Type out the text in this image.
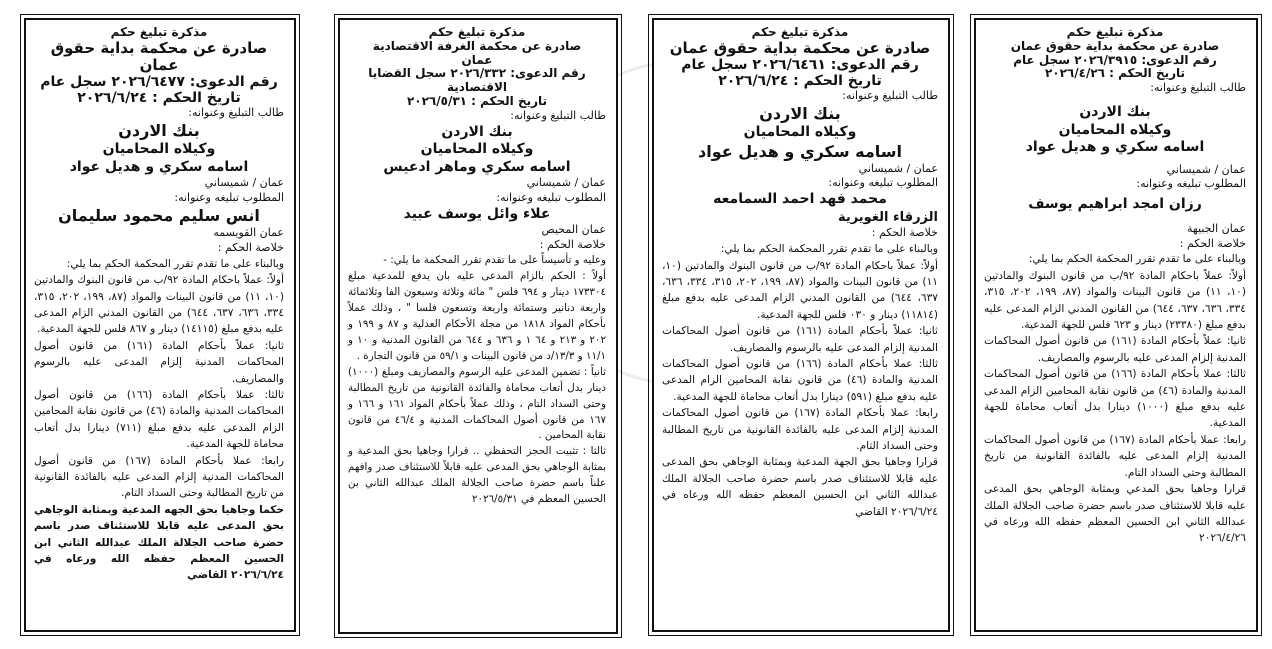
مذكرة تبليغ حكم
صادرة عن محكمة بداية حقوق عمان
رقم الدعوى: ٢٠٢٦/٦٤٧٧ سجل عام
تاريخ الحكم : ٢٠٢٦/٦/٢٤
طالب التبليغ وعنوانه:
بنك الاردن
وكيلاه المحاميان
اسامه سكري و هديل عواد
عمان / شميساني
المطلوب تبليغه وعنوانه:
انس سليم محمود سليمان
عمان القويسمه
خلاصة الحكم :

وبالبناء على ما تقدم تقرر المحكمة الحكم بما يلي:

أولاً: عملاً باحكام المادة ٩٢/ب من قانون البنوك والمادتين (١٠، ١١) من قانون البينات والمواد (٨٧، ١٩٩، ٢٠٢، ٣١٥، ٣٣٤، ٦٣٦، ٦٣٧، ٦٤٤) من القانون المدني الزام المدعى عليه بدفع مبلغ (١٤١١٥) دينار و ٨٦٧ فلس للجهة المدعية.

ثانيا: عملاً بأحكام المادة (١٦١) من قانون أصول المحاكمات المدنية إلزام المدعى عليه بالرسوم والمصاريف.

ثالثا: عملا بأحكام المادة (١٦٦) من قانون أصول المحاكمات المدنية والمادة (٤٦) من قانون نقابة المحامين الزام المدعى عليه بدفع مبلغ (٧١١) دينارا بدل أتعاب محاماة للجهة المدعية.

رابعا: عملا بأحكام المادة (١٦٧) من قانون أصول المحاكمات المدنية إلزام المدعى عليه بالفائدة القانونية من تاريخ المطالبة وحتى السداد التام.

حكما وجاهيا بحق الجهه المدعية وبمثابة الوجاهي بحق المدعى عليه قابلا للاستئناف صدر باسم حضرة صاحب الجلالة الملك عبدالله الثاني ابن الحسين المعظم حفظه الله ورعاه في ٢٠٢٦/٦/٢٤ القاضي

مذكرة تبليغ حكم
صادرة عن محكمة الغرفة الاقتصادية
عمان
رقم الدعوى: ٢٠٢٦/٣٣٢ سجل القضايا الاقتصادية
تاريخ الحكم : ٢٠٢٦/٥/٣١
طالب التبليغ وعنوانه:
بنك الاردن
وكيلاه المحاميان
اسامه سكري وماهر ادعيس
عمان / شميساني
المطلوب تبليغه وعنوانه:
علاء وائل يوسف عبيد
عمان المحيص
خلاصة الحكم :

وعليه و تأسيساً على ما تقدم تقرر المحكمة ما يلي: -

أولاً : الحكم بالزام المدعى عليه بان يدفع للمدعية مبلغ ١٧٣٣٠٤ دينار و ٦٩٤ فلس " مائة وثلاثة وسبعون الفا وثلاثمائة واربعة دنانير وستمائة واربعة وتسعون فلسا " ، وذلك عملاً بأحكام المواد ١٨١٨ من مجلة الأحكام العدلية و ٨٧ و ١٩٩ و ٢٠٢ و ٢١٣ و ٦٤ ١ و ٦٣٦ و ٦٤٤ من القانون المدنية و ١٠ و ١١/١ و ١٣/٣/د من قانون البينات و ٥٩/١ من قانون التجارة .

ثانياً : تضمين المدعى عليه الرسوم والمصاريف ومبلغ (١٠٠٠) دينار بدل أتعاب محاماة والفائدة القانونية من تاريخ المطالبة وحتى السداد التام ، وذلك عملاً بأحكام المواد ١٦١ و ١٦٦ و ١٦٧ من قانون أصول المحاكمات المدنية و ٤٦/٤ من قانون نقابة المحامين .

ثالثا : تثبيت الحجز التحفظي .. قرارا وجاهيا بحق المدعية و بمثابة الوجاهي بحق المدعى عليه قابلاً للاستئناف صدر وافهم علناً باسم حضرة صاحب الجلالة الملك عبدالله الثاني بن الحسين المعظم في ٢٠٢٦/٥/٣١

مذكرة تبليغ حكم
صادرة عن محكمة بداية حقوق عمان
رقم الدعوى: ٢٠٢٦/٦٤٦١ سجل عام
تاريخ الحكم : ٢٠٢٦/٦/٢٤
طالب التبليغ وعنوانه:
بنك الاردن
وكيلاه المحاميان
اسامه سكري و هديل عواد
عمان / شميساني
المطلوب تبليغه وعنوانه:
محمد فهد احمد السمامعه
الزرقاء الغويرية
خلاصة الحكم :

وبالبناء على ما تقدم تقرر المحكمة الحكم بما يلي:

أولاً: عملاً باحكام المادة ٩٢/ب من قانون البنوك والمادتين (١٠، ١١) من قانون البينات والمواد (٨٧، ١٩٩، ٢٠٢، ٣١٥، ٣٣٤، ٦٣٦، ٦٣٧، ٦٤٤) من القانون المدني الزام المدعى عليه بدفع مبلغ (١١٨١٤) دينار و ٠٣٠ فلس للجهة المدعية.

ثانيا: عملاً بأحكام المادة (١٦١) من قانون أصول المحاكمات المدنية إلزام المدعى عليه بالرسوم والمصاريف.

ثالثا: عملا بأحكام المادة (١٦٦) من قانون أصول المحاكمات المدنية والمادة (٤٦) من قانون نقابة المحامين الزام المدعى عليه بدفع مبلغ (٥٩١) دينارا بدل أتعاب محاماة للجهة المدعية.

رابعا: عملا بأحكام المادة (١٦٧) من قانون أصول المحاكمات المدنية إلزام المدعى عليه بالفائدة القانونية من تاريخ المطالبة وحتى السداد التام.

قرارا وجاهيا بحق الجهة المدعية وبمثابة الوجاهي بحق المدعى عليه قابلا للاستئناف صدر باسم حضرة صاحب الجلالة الملك عبدالله الثاني ابن الحسين المعظم حفظه الله ورعاه في ٢٠٢٦/٦/٢٤ القاضي

مذكرة تبليغ حكم
صادرة عن محكمة بداية حقوق عمان
رقم الدعوى: ٢٠٢٦/٣٩١٥ سجل عام
تاريخ الحكم : ٢٠٢٦/٤/٢٦
طالب التبليغ وعنوانه:
بنك الاردن
وكيلاه المحاميان
اسامه سكري و هديل عواد
عمان / شميساني
المطلوب تبليغه وعنوانه:
رزان امجد ابراهيم يوسف
عمان الجبيهة
خلاصة الحكم :

وبالبناء على ما تقدم تقرر المحكمة الحكم بما يلي:

أولاً: عملاً باحكام المادة ٩٢/ب من قانون البنوك والمادتين (١٠، ١١) من قانون البينات والمواد (٨٧، ١٩٩، ٢٠٢، ٣١٥، ٣٣٤، ٦٣٦، ٦٣٧، ٦٤٤) من القانون المدني الزام المدعى عليه بدفع مبلغ (٢٣٣٨٠) دينار و ٦٢٣ فلس للجهة المدعية.

ثانيا: عملاً بأحكام المادة (١٦١) من قانون أصول المحاكمات المدنية إلزام المدعى عليه بالرسوم والمصاريف.

ثالثا: عملا بأحكام المادة (١٦٦) من قانون أصول المحاكمات المدنية والمادة (٤٦) من قانون نقابة المحامين الزام المدعى عليه بدفع مبلغ (١٠٠٠) دينارا بدل أتعاب محاماة للجهة المدعية.

رابعا: عملا بأحكام المادة (١٦٧) من قانون أصول المحاكمات المدنية إلزام المدعى عليه بالفائدة القانونية من تاريخ المطالبة وحتى السداد التام.

قرارا وجاهيا بحق المدعي وبمثابة الوجاهي بحق المدعى عليه قابلا للاستئناف صدر باسم حضرة صاحب الجلالة الملك عبدالله الثاني ابن الحسين المعظم حفظه الله ورعاه في ٢٠٢٦/٤/٢٦
